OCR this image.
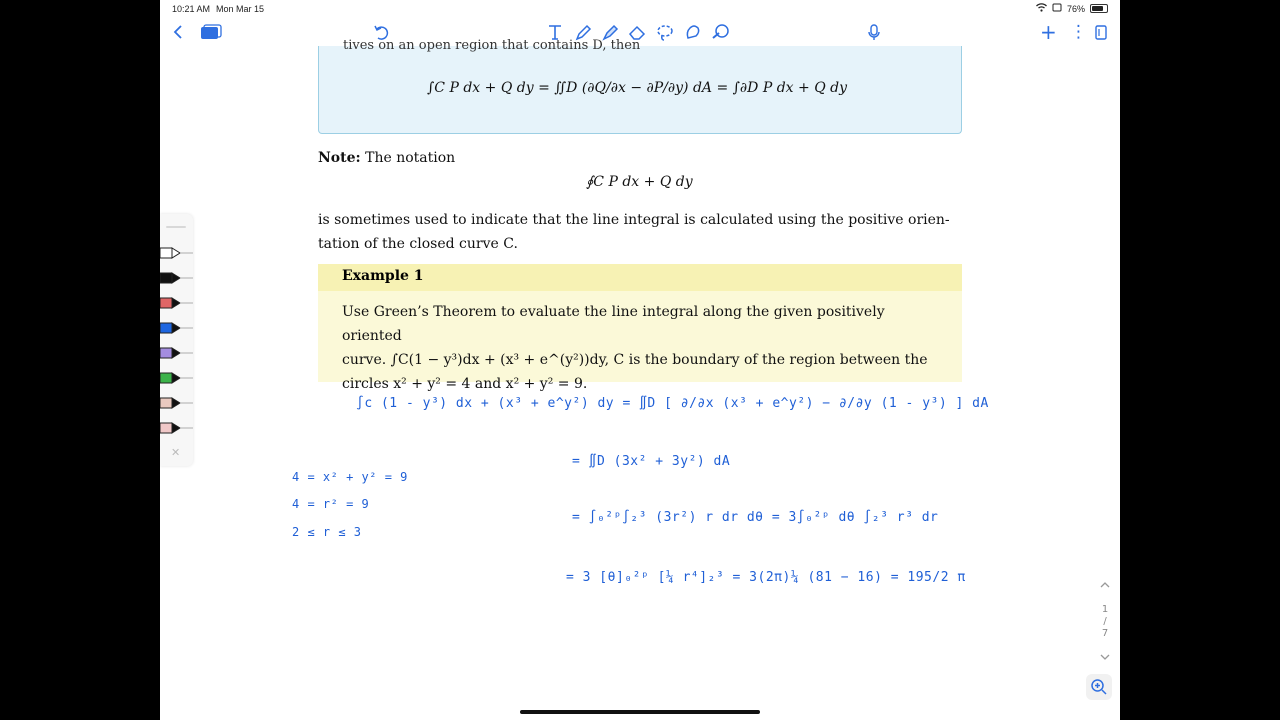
10:21 AM Mon Mar 15	76%
+ ⋮
tives on an open region that contains D, then
∫C P dx + Q dy = ∬D (∂Q/∂x − ∂P/∂y) dA = ∫∂D P dx + Q dy
Note: The notation
∮C P dx + Q dy
is sometimes used to indicate that the line integral is calculated using the positive orien-
tation of the closed curve C.
Example 1
Use Green’s Theorem to evaluate the line integral along the given positively oriented
curve. ∫C(1 − y³)dx + (x³ + e^(y²))dy, C is the boundary of the region between the
circles x² + y² = 4 and x² + y² = 9.
∫c (1 - y³) dx + (x³ + e^y²) dy = ∬D [ ∂/∂x (x³ + e^y²) − ∂/∂y (1 - y³) ] dA
= ∬D (3x² + 3y²) dA
= ∫₀²ᵖ∫₂³ (3r²) r dr dθ = 3∫₀²ᵖ dθ ∫₂³ r³ dr
= 3 [θ]₀²ᵖ [¼ r⁴]₂³ = 3(2π)¼ (81 − 16) = 195/2 π
4 = x² + y² = 9
4 = r² = 9
2 ≤ r ≤ 3
✕
1
/
7
